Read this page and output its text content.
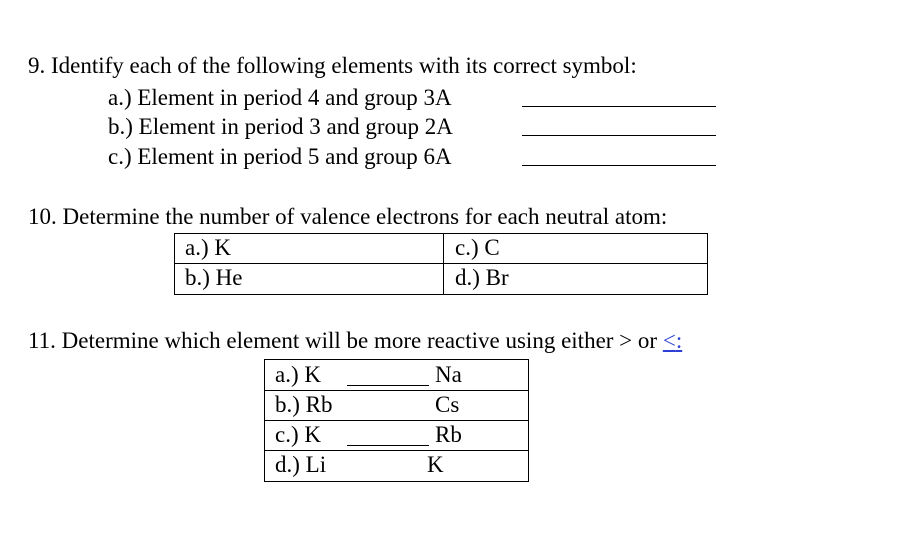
9. Identify each of the following elements with its correct symbol:
a.) Element in period 4 and group 3A
b.) Element in period 3 and group 2A
c.) Element in period 5 and group 6A
10. Determine the number of valence electrons for each neutral atom:
a.) K	c.) C
b.) He	d.) Br
11. Determine which element will be more reactive using either > or <:
a.) K	Na
b.) Rb	Cs
c.) K	Rb
d.) Li	K
